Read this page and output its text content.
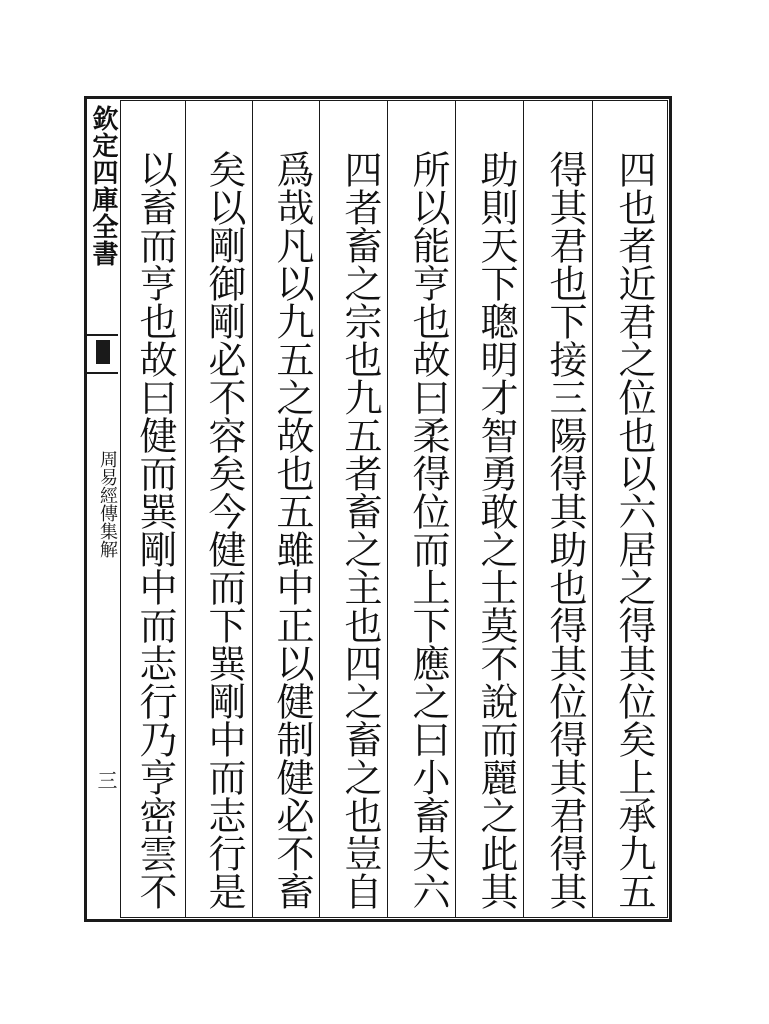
欽定四庫全書
周易經傳集解
三	四也者近君之位也以六居之得其位矣上承九五
得其君也下接三陽得其助也得其位得其君得其
助則天下聰明才智勇敢之士莫不說而麗之此其
所以能亨也故曰柔得位而上下應之曰小畜夫六
四者畜之宗也九五者畜之主也四之畜之也豈自
爲哉凡以九五之故也五雖中正以健制健必不畜
矣以剛御剛必不容矣今健而下巽剛中而志行是
以畜而亨也故曰健而巽剛中而志行乃亨密雲不
